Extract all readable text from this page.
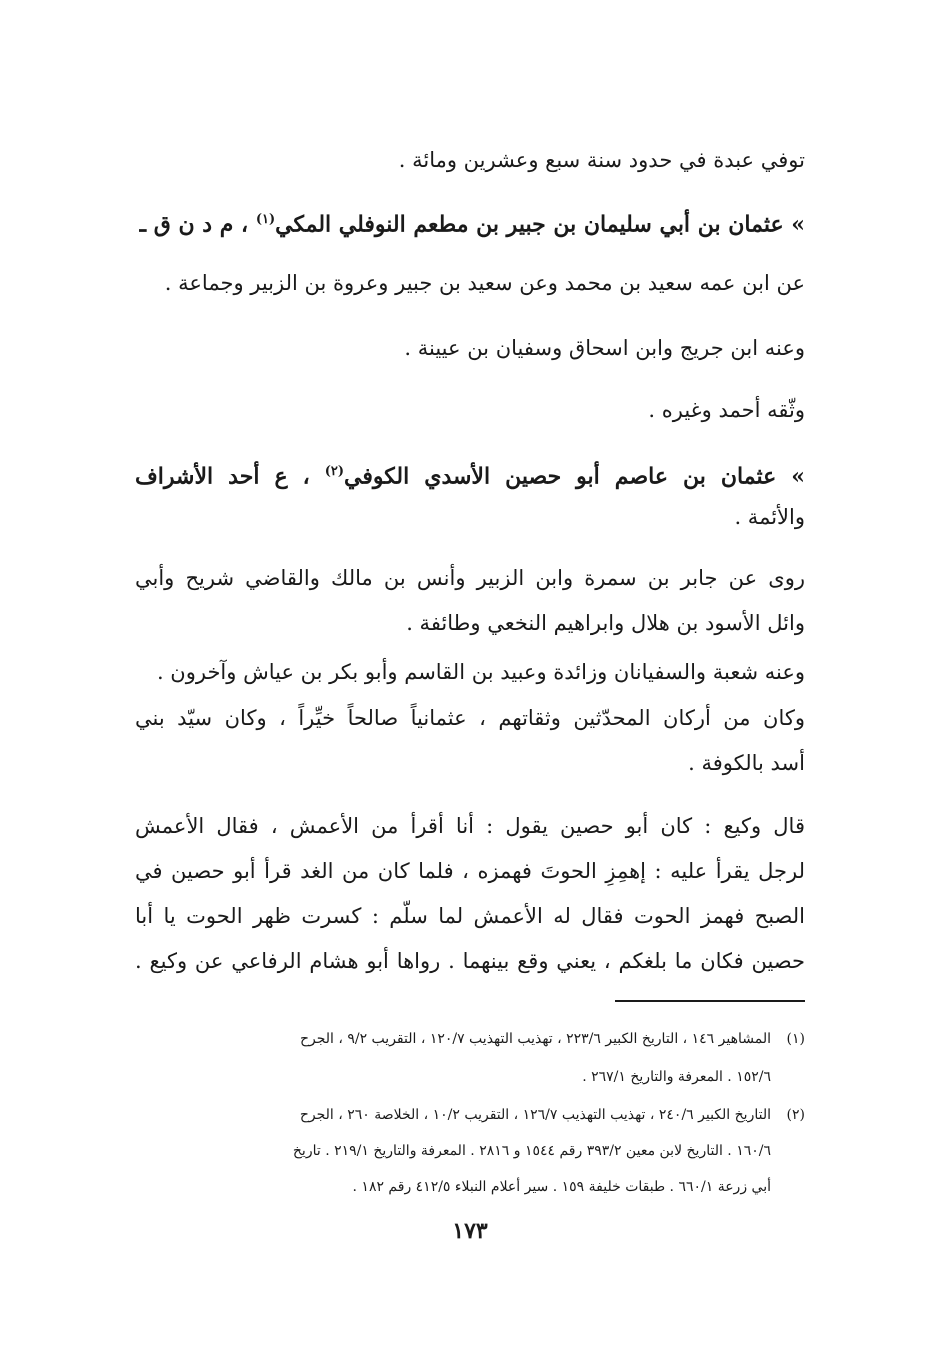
توفي عبدة في حدود سنة سبع وعشرين ومائة .
» عثمان بن أبي سليمان بن جبير بن مطعم النوفلي المكي$^{(١)}$ ، م د ن ق ـ
عن ابن عمه سعيد بن محمد وعن سعيد بن جبير وعروة بن الزبير وجماعة .
وعنه ابن جريج وابن اسحاق وسفيان بن عيينة .
وثّقه أحمد وغيره .
» عثمان بن عاصم أبو حصين الأسدي الكوفي$^{(٢)}$ ، ع أحد الأشراف
والأئمة .
روى عن جابر بن سمرة وابن الزبير وأنس بن مالك والقاضي شريح وأبي
وائل الأسود بن هلال وابراهيم النخعي وطائفة .
وعنه شعبة والسفيانان وزائدة وعبيد بن القاسم وأبو بكر بن عياش وآخرون .
وكان من أركان المحدّثين وثقاتهم ، عثمانياً صالحاً خيِّراً ، وكان سيّد بني
أسد بالكوفة .
قال وكيع : كان أبو حصين يقول : أنا أقرأ من الأعمش ، فقال الأعمش
لرجل يقرأ عليه : إهمِزِ الحوتَ فهمزه ، فلما كان من الغد قرأ أبو حصين في
الصبح فهمز الحوت فقال له الأعمش لما سلّم : كسرت ظهر الحوت يا أبا
حصين فكان ما بلغكم ، يعني وقع بينهما . رواها أبو هشام الرفاعي عن وكيع .
(١)المشاهير ١٤٦ ، التاريخ الكبير ٢٢٣/٦ ، تهذيب التهذيب ١٢٠/٧ ، التقريب ٩/٢ ، الجرح
١٥٢/٦ . المعرفة والتاريخ ٢٦٧/١ .
(٢)التاريخ الكبير ٢٤٠/٦ ، تهذيب التهذيب ١٢٦/٧ ، التقريب ١٠/٢ ، الخلاصة ٢٦٠ ، الجرح
١٦٠/٦ . التاريخ لابن معين ٣٩٣/٢ رقم ١٥٤٤ و ٢٨١٦ . المعرفة والتاريخ ٢١٩/١ . تاريخ
أبي زرعة ٦٦٠/١ . طبقات خليفة ١٥٩ . سير أعلام النبلاء ٤١٢/٥ رقم ١٨٢ .
١٧٣
